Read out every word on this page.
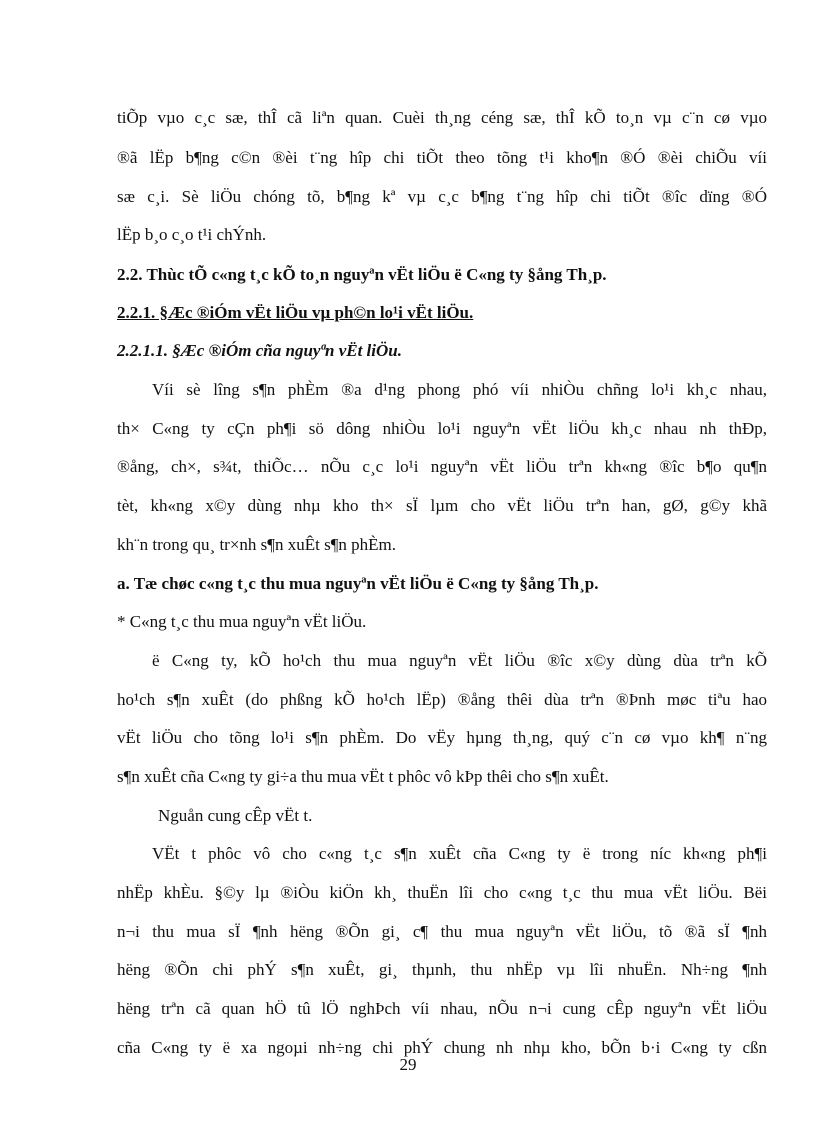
tiÕp vµo c¸c sæ, thÎ cã liªn quan. Cuèi th¸ng céng sæ, thÎ kÕ to¸n vµ c¨n cø vµo
®ã lËp b¶ng c©n ®èi t¨ng hîp chi tiÕt theo tõng t¹i kho¶n ®Ó ®èi chiÕu víi
sæ c¸i. Sè liÖu chóng tõ, b¶ng kª vµ c¸c b¶ng t¨ng hîp chi tiÕt ®îc dïng ®Ó
lËp b¸o c¸o t¹i chÝnh.
2.2. Thùc tÕ c«ng t¸c kÕ to¸n nguyªn vËt liÖu ë C«ng ty §ång Th¸p.
2.2.1. §Æc ®iÓm vËt liÖu vµ ph©n lo¹i vËt liÖu.
2.2.1.1. §Æc ®iÓm cña nguyªn vËt liÖu.
Víi sè lîng s¶n phÈm ®a d¹ng phong phó víi nhiÒu chñng lo¹i kh¸c nhau,
th× C«ng ty cÇn ph¶i sö dông nhiÒu lo¹i nguyªn vËt liÖu kh¸c nhau nh thÐp,
®ång, ch×, s¾t, thiÕc… nÕu c¸c lo¹i nguyªn vËt liÖu trªn kh«ng ®îc b¶o qu¶n
tèt, kh«ng x©y dùng nhµ kho th× sÏ lµm cho vËt liÖu trªn han, gØ, g©y khã
kh¨n trong qu¸ tr×nh s¶n xuÊt s¶n phÈm.
a. Tæ chøc c«ng t¸c thu mua nguyªn vËt liÖu ë C«ng ty §ång Th¸p.
* C«ng t¸c thu mua nguyªn vËt liÖu.
ë C«ng ty, kÕ ho¹ch thu mua nguyªn vËt liÖu ®îc x©y dùng dùa trªn kÕ
ho¹ch s¶n xuÊt (do phßng kÕ ho¹ch lËp) ®ång thêi dùa trªn ®Þnh møc tiªu hao
vËt liÖu cho tõng lo¹i s¶n phÈm. Do vËy hµng th¸ng, quý c¨n cø vµo kh¶ n¨ng
s¶n xuÊt cña C«ng ty gi÷a thu mua vËt t phôc vô kÞp thêi cho s¶n xuÊt.
Nguån cung cÊp vËt t.
VËt t phôc vô cho c«ng t¸c s¶n xuÊt cña C«ng ty ë trong níc kh«ng ph¶i
nhËp khÈu. §©y lµ ®iÒu kiÖn kh¸ thuËn lîi cho c«ng t¸c thu mua vËt liÖu. Bëi
n¬i thu mua sÏ ¶nh hëng ®Õn gi¸ c¶ thu mua nguyªn vËt liÖu, tõ ®ã sÏ ¶nh
hëng ®Õn chi phÝ s¶n xuÊt, gi¸ thµnh, thu nhËp vµ lîi nhuËn. Nh÷ng ¶nh
hëng trªn cã quan hÖ tû lÖ nghÞch víi nhau, nÕu n¬i cung cÊp nguyªn vËt liÖu
cña C«ng ty ë xa ngoµi nh÷ng chi phÝ chung nh nhµ kho, bÕn b·i C«ng ty cßn
29
